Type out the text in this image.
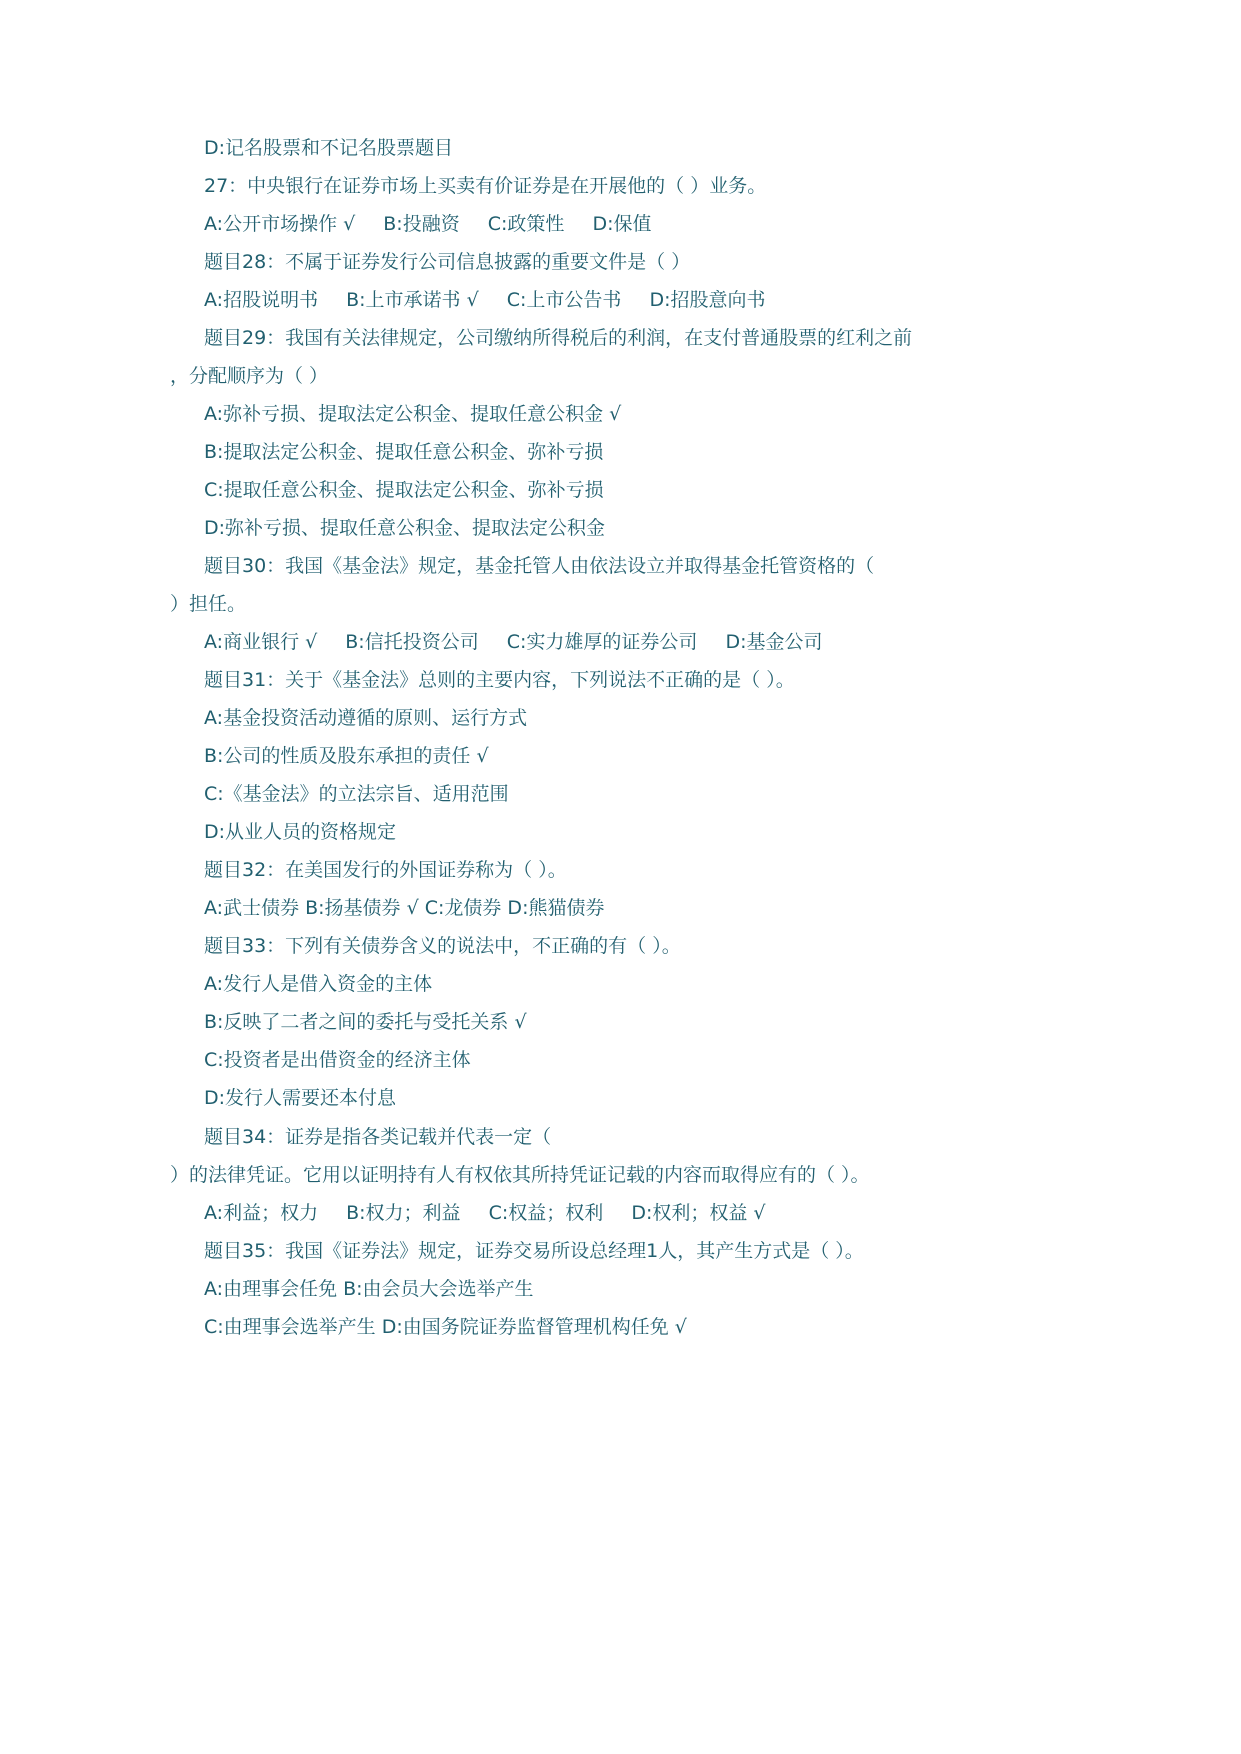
D:记名股票和不记名股票题目
27：中央银行在证券市场上买卖有价证券是在开展他的（ ）业务。
A:公开市场操作 √ B:投融资 C:政策性 D:保值
题目28：不属于证券发行公司信息披露的重要文件是（ ）
A:招股说明书 B:上市承诺书 √ C:上市公告书 D:招股意向书
题目29：我国有关法律规定，公司缴纳所得税后的利润，在支付普通股票的红利之前
，分配顺序为（ ）
A:弥补亏损、提取法定公积金、提取任意公积金 √
B:提取法定公积金、提取任意公积金、弥补亏损
C:提取任意公积金、提取法定公积金、弥补亏损
D:弥补亏损、提取任意公积金、提取法定公积金
题目30：我国《基金法》规定，基金托管人由依法设立并取得基金托管资格的（
）担任。
A:商业银行 √ B:信托投资公司 C:实力雄厚的证券公司 D:基金公司
题目31：关于《基金法》总则的主要内容，下列说法不正确的是（ ）。
A:基金投资活动遵循的原则、运行方式
B:公司的性质及股东承担的责任 √
C:《基金法》的立法宗旨、适用范围
D:从业人员的资格规定
题目32：在美国发行的外国证券称为（ ）。
A:武士债券 B:扬基债券 √ C:龙债券 D:熊猫债券
题目33：下列有关债券含义的说法中，不正确的有（ ）。
A:发行人是借入资金的主体
B:反映了二者之间的委托与受托关系 √
C:投资者是出借资金的经济主体
D:发行人需要还本付息
题目34：证券是指各类记载并代表一定（
）的法律凭证。它用以证明持有人有权依其所持凭证记载的内容而取得应有的（ ）。
A:利益；权力 B:权力；利益 C:权益；权利 D:权利；权益 √
题目35：我国《证券法》规定，证券交易所设总经理1人，其产生方式是（ ）。
A:由理事会任免 B:由会员大会选举产生
C:由理事会选举产生 D:由国务院证券监督管理机构任免 √
